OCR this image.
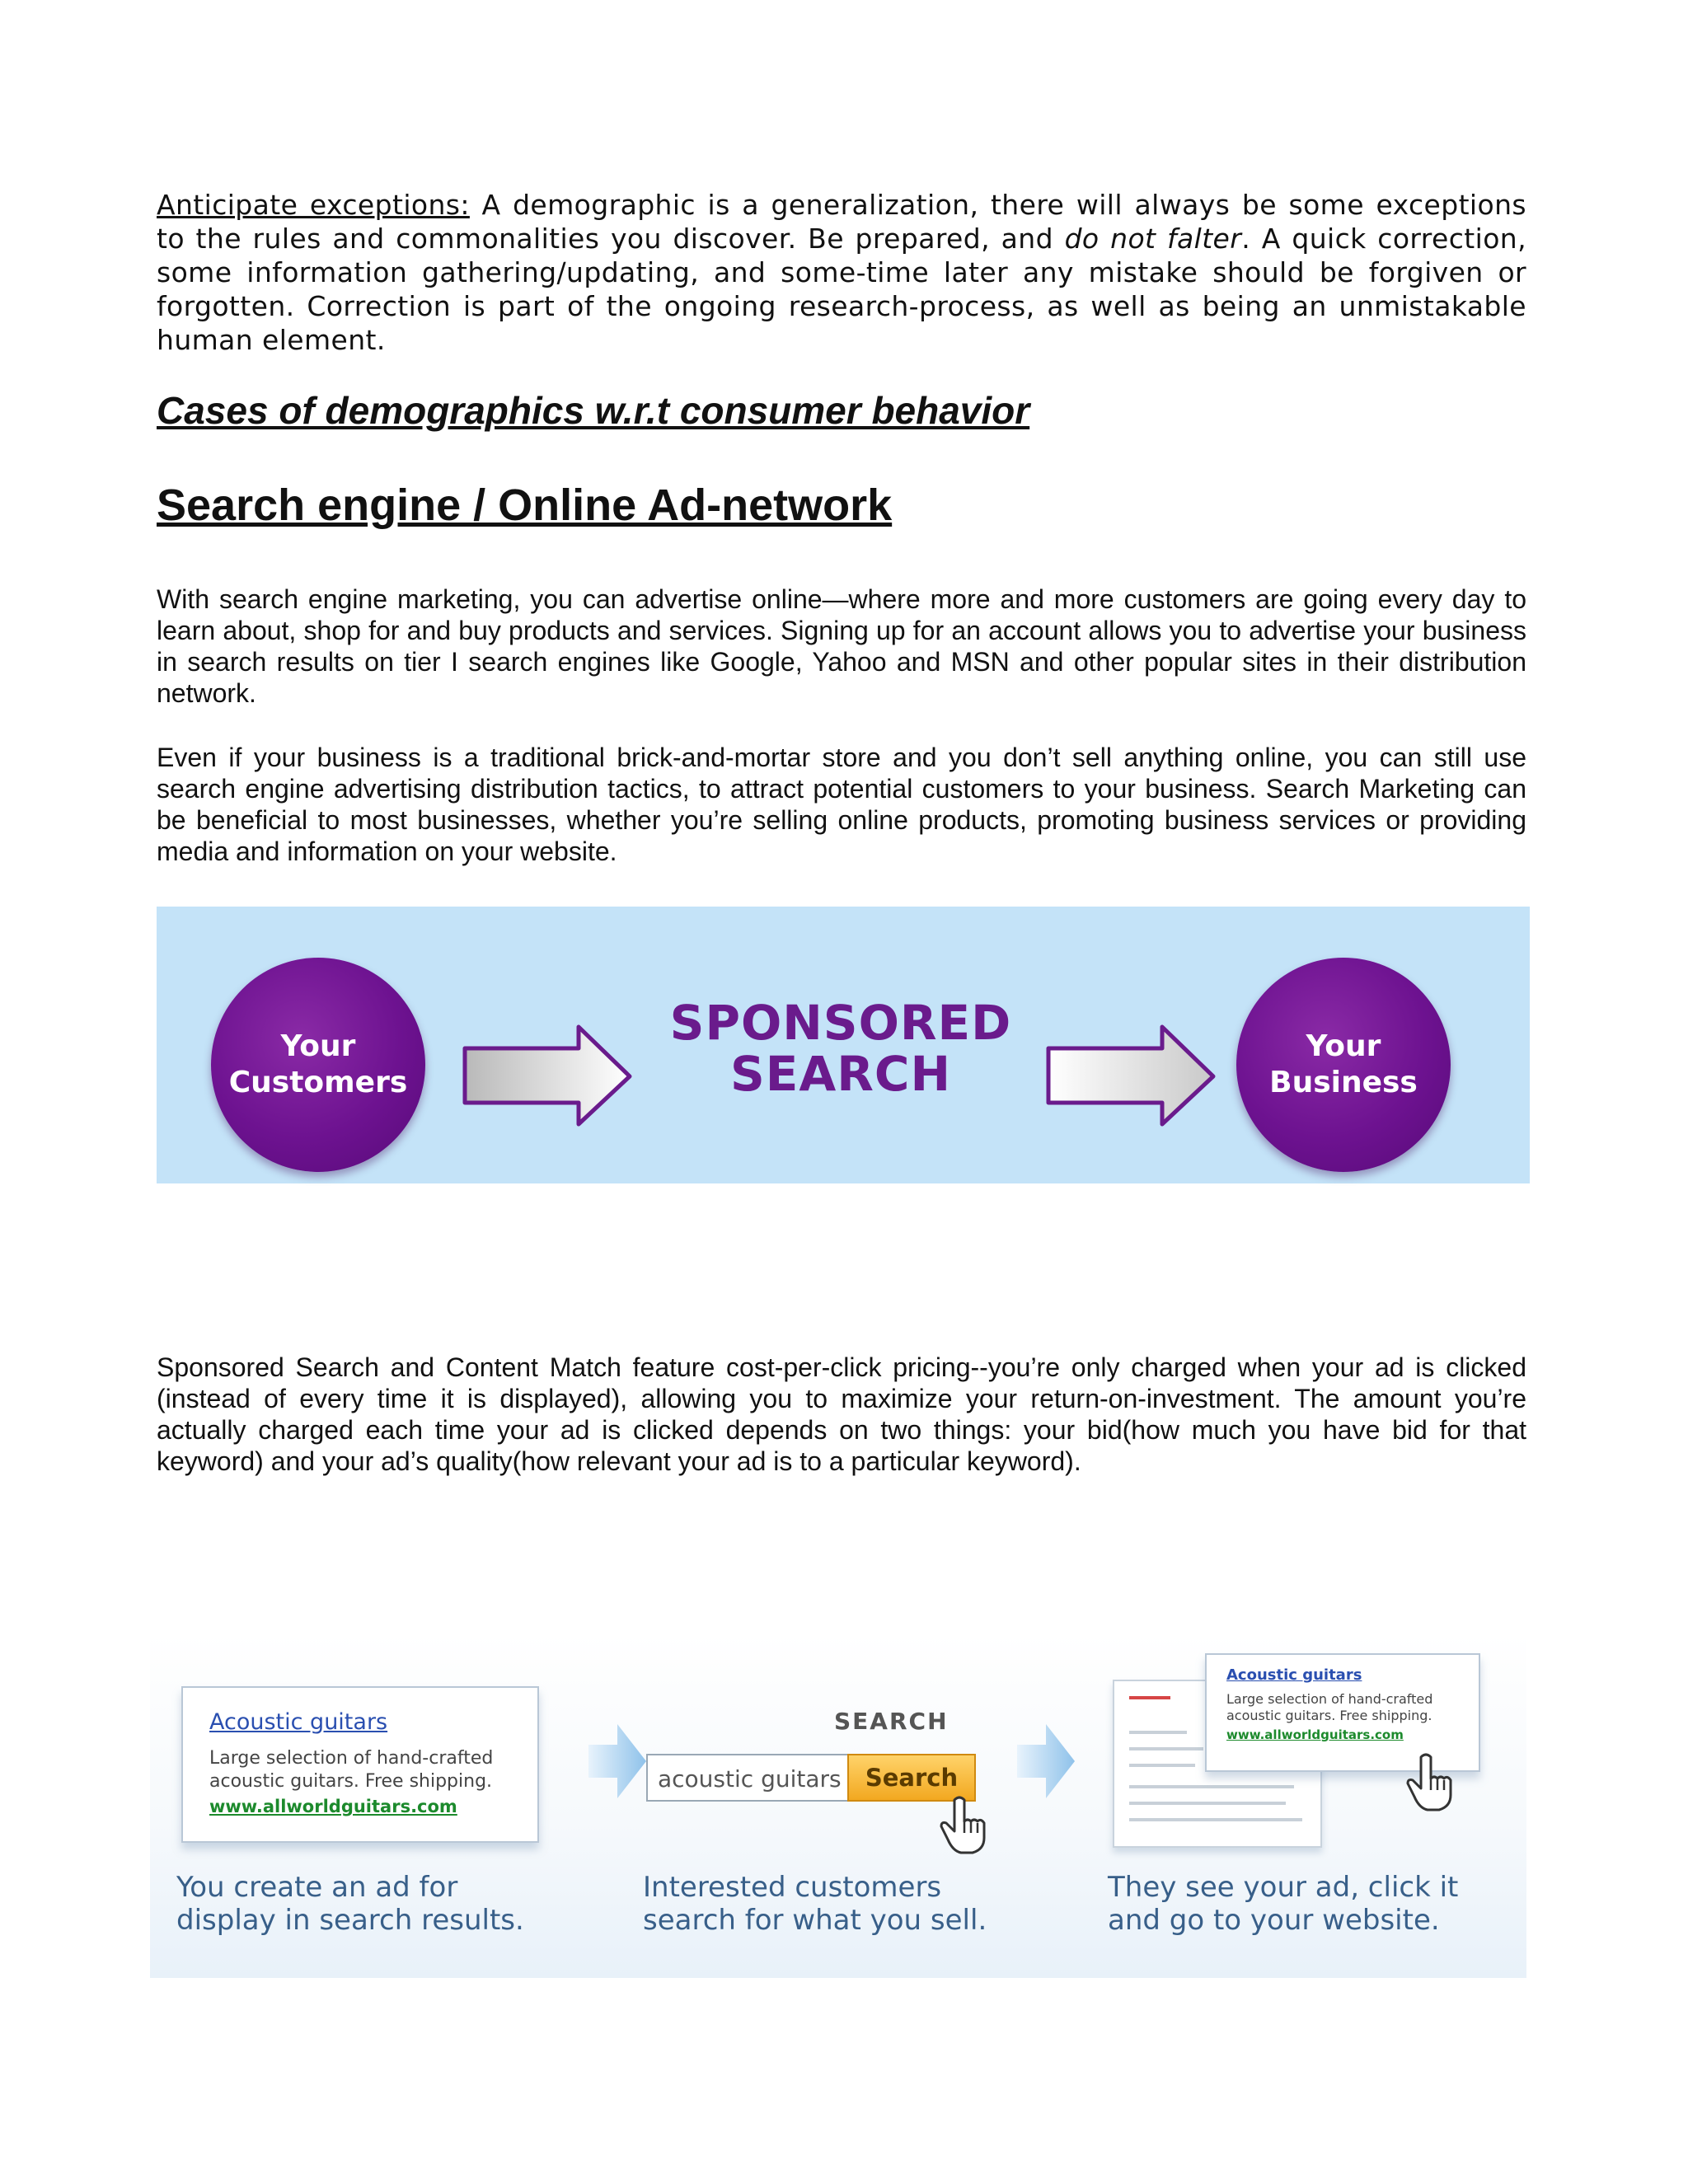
Anticipate exceptions: A demographic is a generalization, there will always be some exceptions to the rules and commonalities you discover. Be prepared, and do not falter. A quick correction, some information gathering/updating, and some-time later any mistake should be forgiven or forgotten. Correction is part of the ongoing research-process, as well as being an unmistakable human element.

Cases of demographics w.r.t consumer behavior
Search engine / Online Ad-network

With search engine marketing, you can advertise online—where more and more customers are going every day to learn about, shop for and buy products and services. Signing up for an account allows you to advertise your business in search results on tier I search engines like Google, Yahoo and MSN and other popular sites in their distribution network.

Even if your business is a traditional brick-and-mortar store and you don’t sell anything online, you can still use search engine advertising distribution tactics, to attract potential customers to your business. Search Marketing can be beneficial to most businesses, whether you’re selling online products, promoting business services or providing media and information on your website.

Your
Customers
SPONSORED
SEARCH	Your
Business

Sponsored Search and Content Match feature cost-per-click pricing--you’re only charged when your ad is clicked (instead of every time it is displayed), allowing you to maximize your return-on-investment. The amount you’re actually charged each time your ad is clicked depends on two things: your bid(how much you have bid for that keyword) and your ad’s quality(how relevant your ad is to a particular keyword).

Acoustic guitars
Large selection of hand-crafted
acoustic guitars. Free shipping.
www.allworldguitars.com
SEARCH
acoustic guitars	Search
Acoustic guitars
Large selection of hand-crafted
acoustic guitars. Free shipping.
www.allworldguitars.com
You create an ad for
display in search results.
Interested customers
search for what you sell.
They see your ad, click it
and go to your website.
